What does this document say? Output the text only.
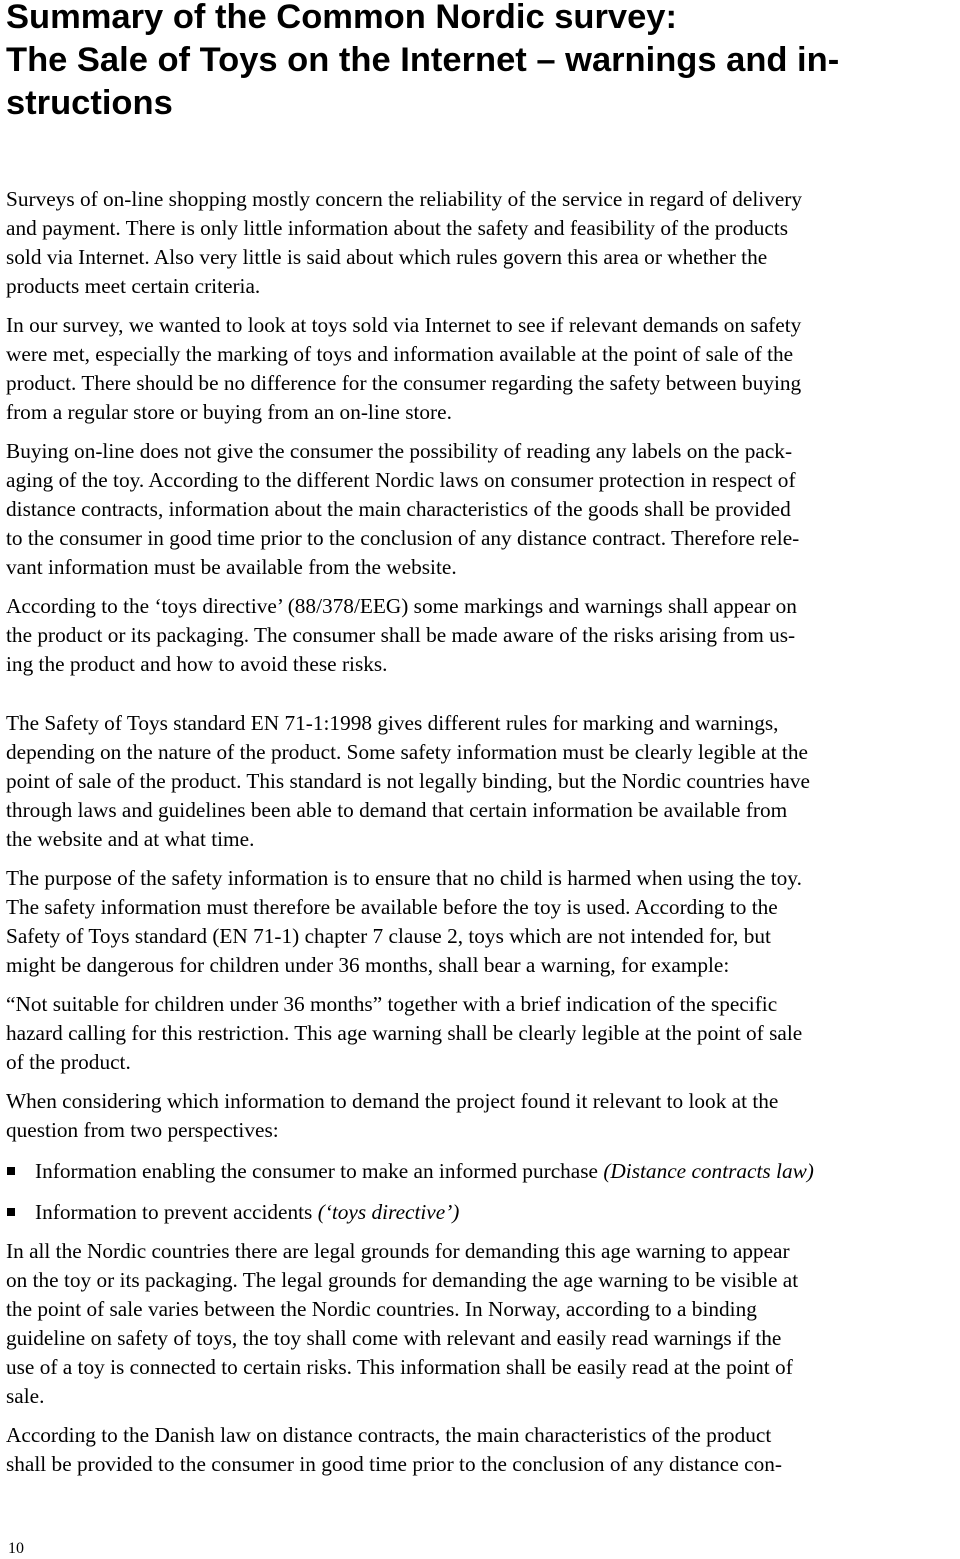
Summary of the Common Nordic survey:
The Sale of Toys on the Internet – warnings and in-
structions
Surveys of on-line shopping mostly concern the reliability of the service in regard of delivery
and payment. There is only little information about the safety and feasibility of the products
sold via Internet. Also very little is said about which rules govern this area or whether the
products meet certain criteria.
In our survey, we wanted to look at toys sold via Internet to see if relevant demands on safety
were met, especially the marking of toys and information available at the point of sale of the
product. There should be no difference for the consumer regarding the safety between buying
from a regular store or buying from an on-line store.
Buying on-line does not give the consumer the possibility of reading any labels on the pack-
aging of the toy. According to the different Nordic laws on consumer protection in respect of
distance contracts, information about the main characteristics of the goods shall be provided
to the consumer in good time prior to the conclusion of any distance contract. Therefore rele-
vant information must be available from the website.
According to the ‘toys directive’ (88/378/EEG) some markings and warnings shall appear on
the product or its packaging. The consumer shall be made aware of the risks arising from us-
ing the product and how to avoid these risks.
The Safety of Toys standard EN 71-1:1998 gives different rules for marking and warnings,
depending on the nature of the product. Some safety information must be clearly legible at the
point of sale of the product. This standard is not legally binding, but the Nordic countries have
through laws and guidelines been able to demand that certain information be available from
the website and at what time.
The purpose of the safety information is to ensure that no child is harmed when using the toy.
The safety information must therefore be available before the toy is used. According to the
Safety of Toys standard (EN 71-1) chapter 7 clause 2, toys which are not intended for, but
might be dangerous for children under 36 months, shall bear a warning, for example:
“Not suitable for children under 36 months” together with a brief indication of the specific
hazard calling for this restriction. This age warning shall be clearly legible at the point of sale
of the product.
When considering which information to demand the project found it relevant to look at the
question from two perspectives:
Information enabling the consumer to make an informed purchase (Distance contracts law)
Information to prevent accidents (‘toys directive’)
In all the Nordic countries there are legal grounds for demanding this age warning to appear
on the toy or its packaging. The legal grounds for demanding the age warning to be visible at
the point of sale varies between the Nordic countries. In Norway, according to a binding
guideline on safety of toys, the toy shall come with relevant and easily read warnings if the
use of a toy is connected to certain risks. This information shall be easily read at the point of
sale.
According to the Danish law on distance contracts, the main characteristics of the product
shall be provided to the consumer in good time prior to the conclusion of any distance con-
10
